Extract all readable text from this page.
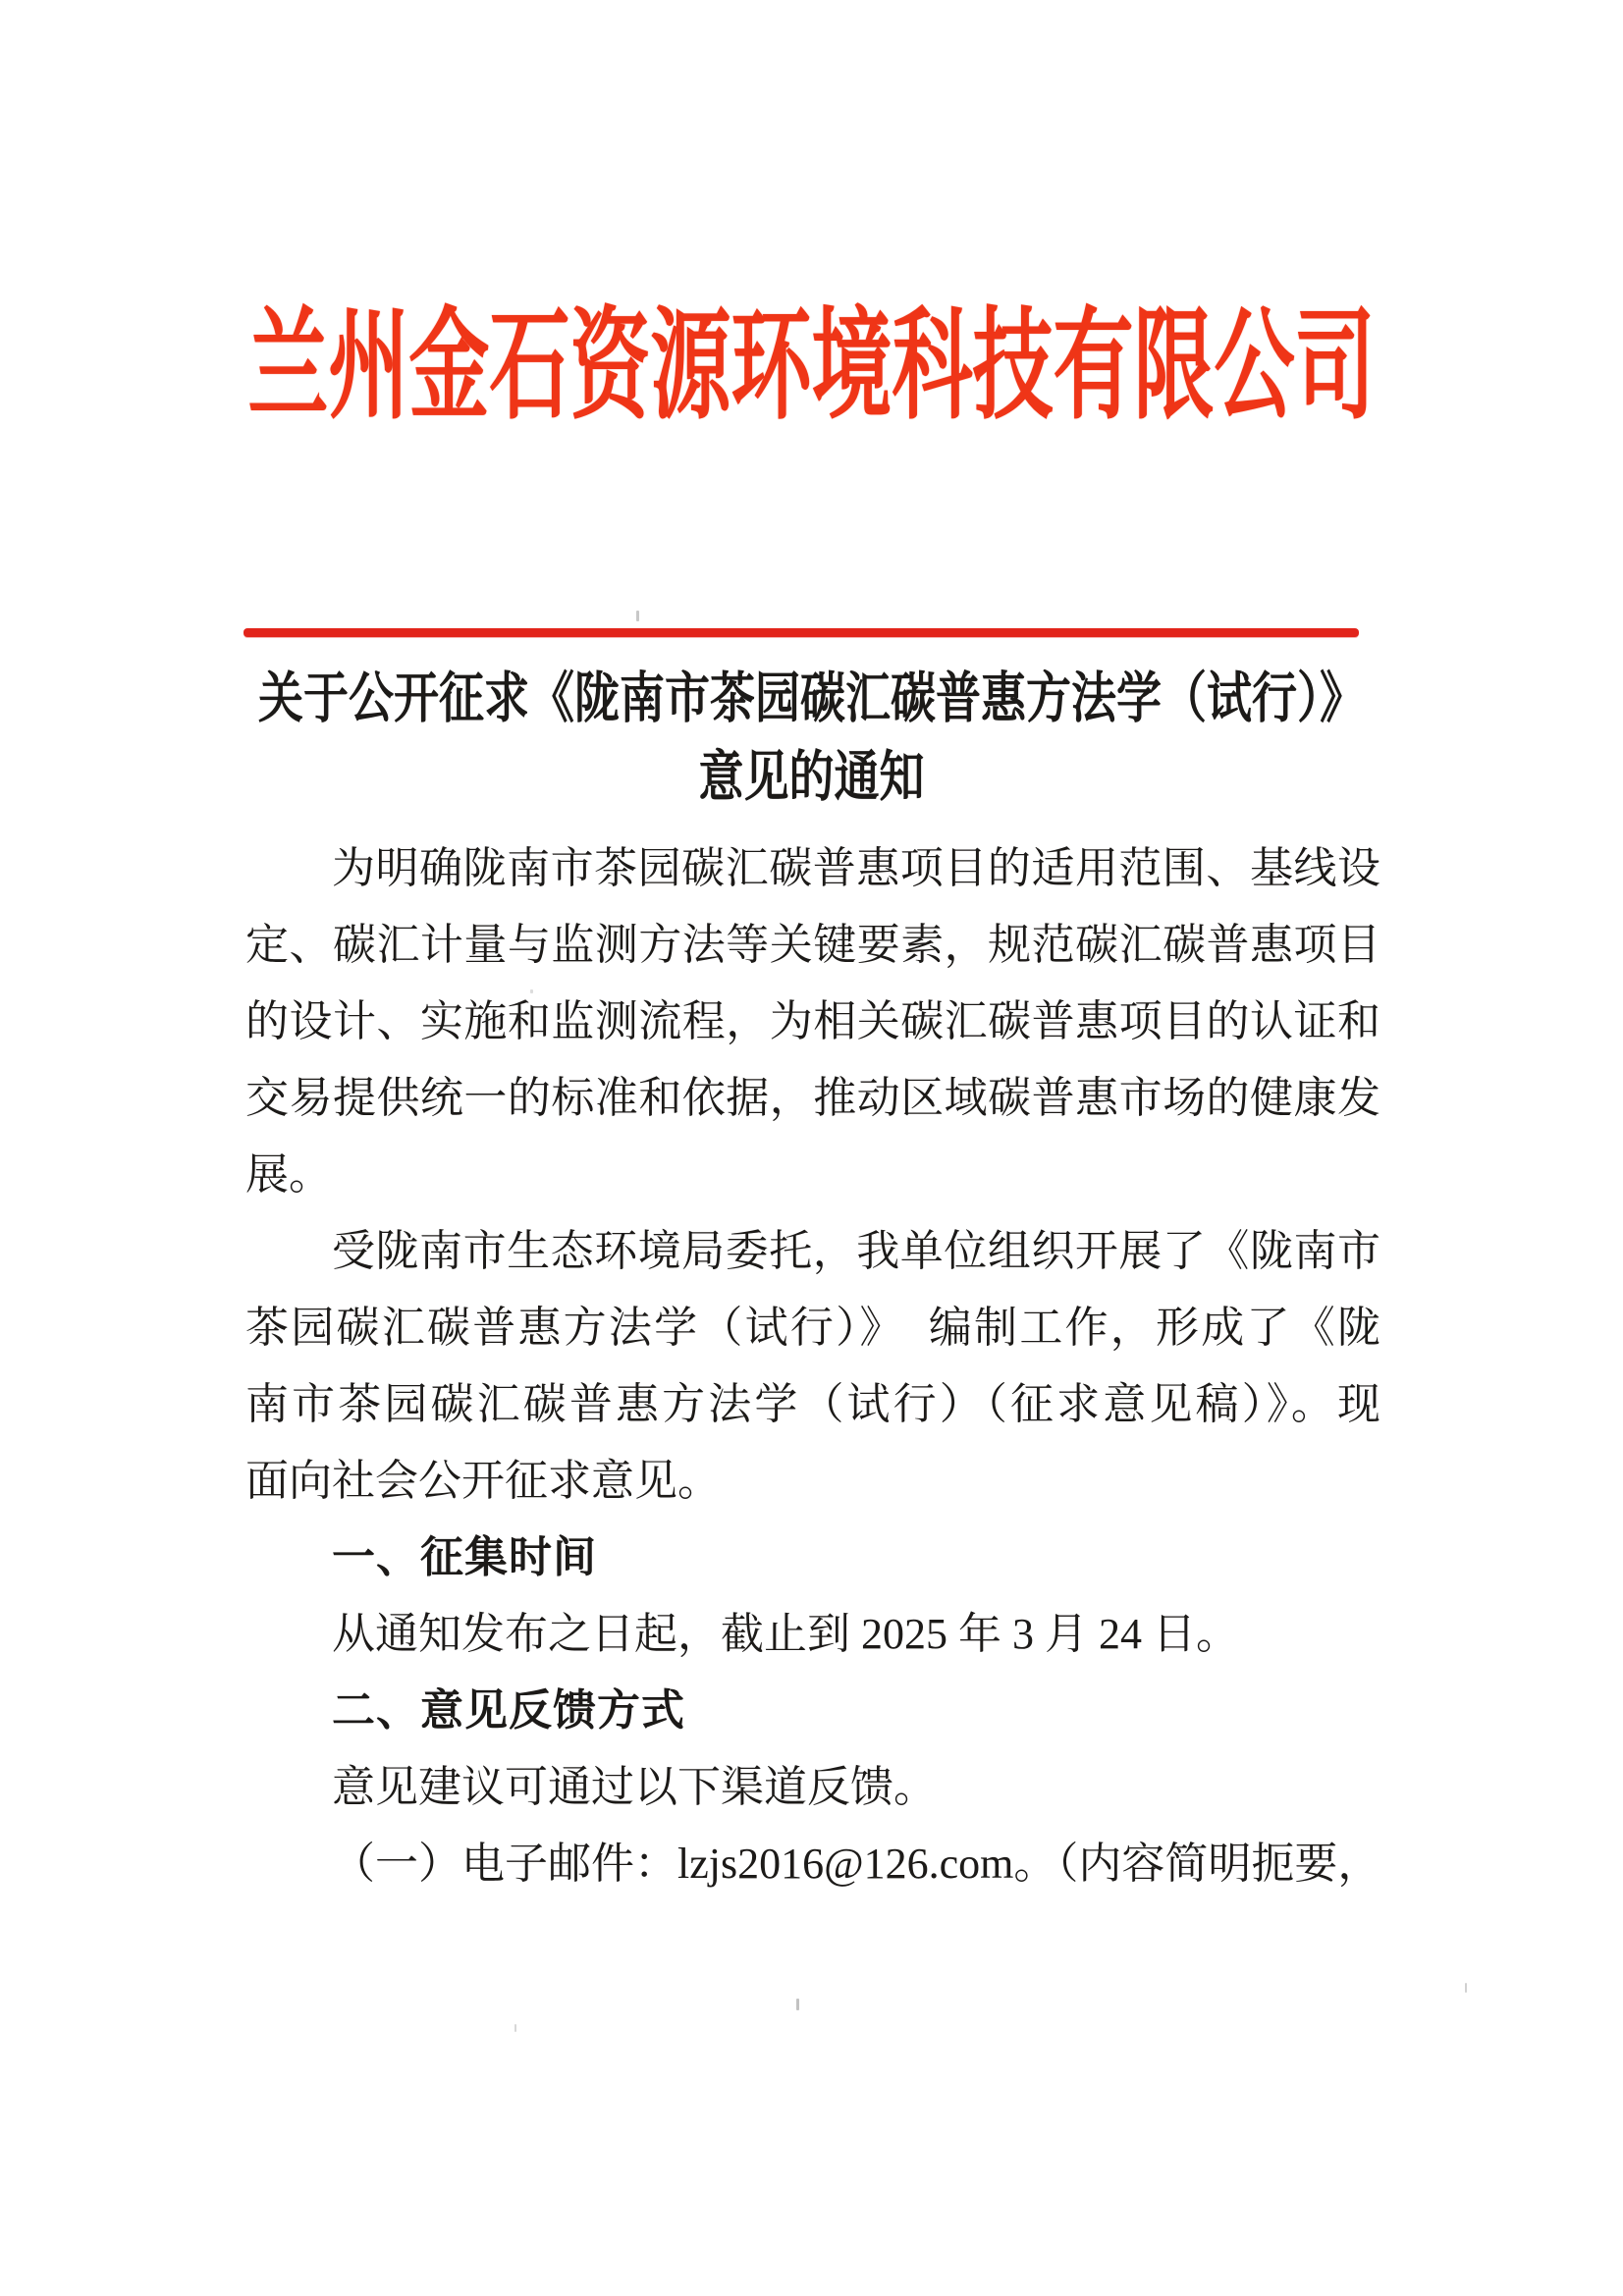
兰州金石资源环境科技有限公司
关于公开征求《陇南市茶园碳汇碳普惠方法学（试行）》
意见的通知
为明确陇南市茶园碳汇碳普惠项目的适用范围、基线设
定、碳汇计量与监测方法等关键要素，规范碳汇碳普惠项目
的设计、实施和监测流程，为相关碳汇碳普惠项目的认证和
交易提供统一的标准和依据，推动区域碳普惠市场的健康发
展。
受陇南市生态环境局委托，我单位组织开展了《陇南市
茶园碳汇碳普惠方法学（试行）》　编制工作，形成了《陇
南市茶园碳汇碳普惠方法学（试行）（征求意见稿）》。现
面向社会公开征求意见。
一、征集时间
从通知发布之日起，截止到 2025 年 3 月 24 日。
二、意见反馈方式
意见建议可通过以下渠道反馈。
（一）电子邮件：lzjs2016@126.com。（内容简明扼要，
